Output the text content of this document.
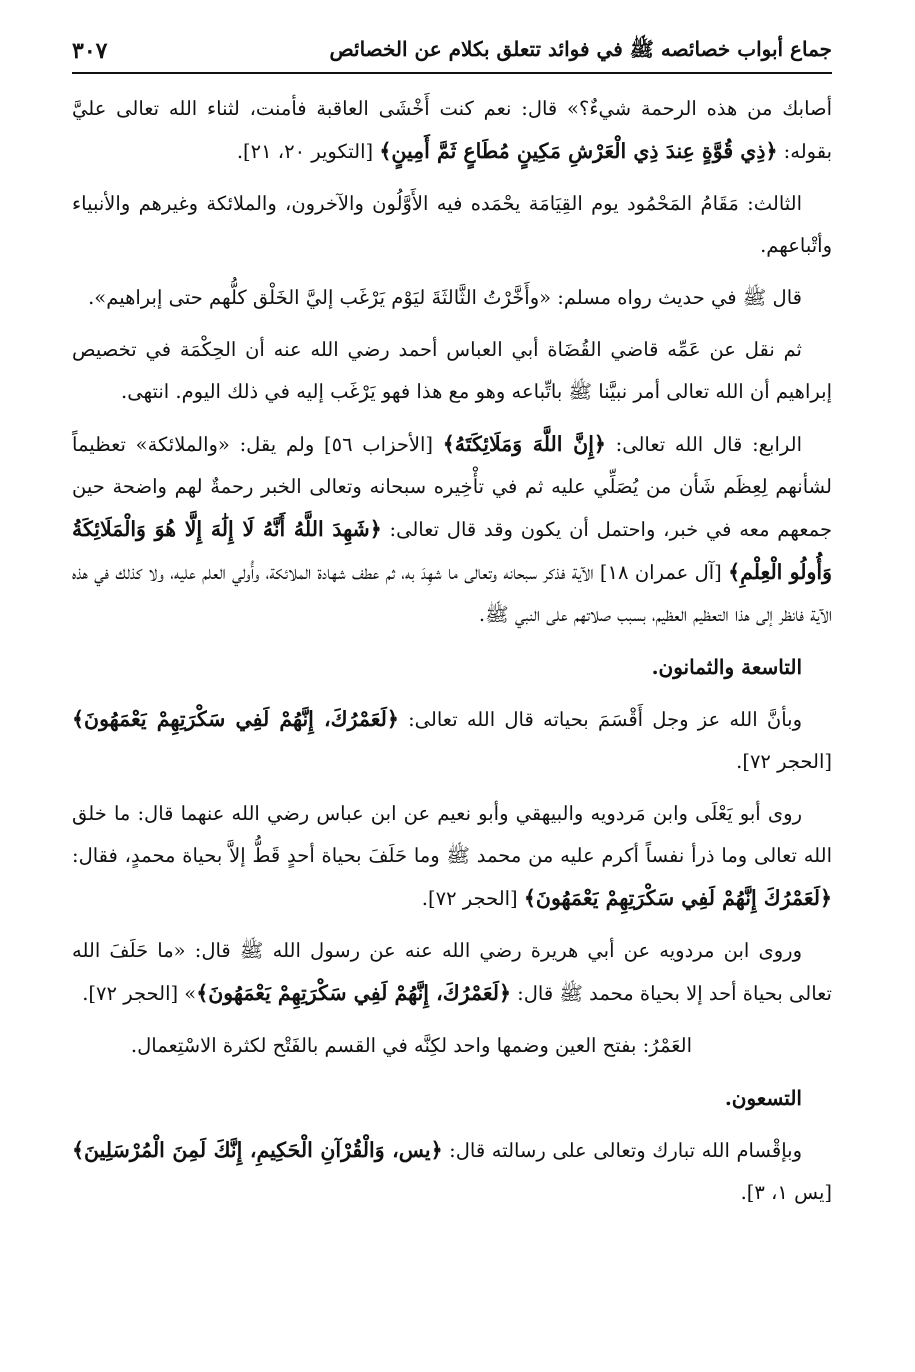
جماع أبواب خصائصه ﷺ في فوائد تتعلق بكلام عن الخصائص
٣٠٧

أصابك من هذه الرحمة شيءٌ؟» قال: نعم كنت أَخْشَى العاقبة فأمنت، لثناء الله تعالى عليَّ بقوله: ﴿ذِي قُوَّةٍ عِندَ ذِي الْعَرْشِ مَكِينٍ مُطَاعٍ ثَمَّ أَمِينٍ﴾ [التكوير ٢٠، ٢١].

الثالث: مَقَامُ المَحْمُود يوم القِيَامَة يحْمَده فيه الأَوَّلُون والآخرون، والملائكة وغيرهم والأنبياء وأتْباعهم.

قال ﷺ في حديث رواه مسلم: «وأَخَّرْتُ الثَّالثَةَ ليَوْم يَرْغَب إليَّ الخَلْق كلُّهم حتى إبراهيم».

ثم نقل عن عَمِّه قاضي القُضَاة أبي العباس أحمد رضي الله عنه أن الحِكْمَة في تخصيص إبراهيم أن الله تعالى أمر نبيَّنا ﷺ باتِّباعه وهو مع هذا فهو يَرْغَب إليه في ذلك اليوم. انتهى.

الرابع: قال الله تعالى: ﴿إِنَّ اللَّهَ وَمَلَائِكَتَهُ﴾ [الأحزاب ٥٦] ولم يقل: «والملائكة» تعظيماً لشأنهم لِعِظَم شَأن من يُصَلِّي عليه ثم في تأْخِيره سبحانه وتعالى الخبر رحمةٌ لهم واضحة حين جمعهم معه في خبر، واحتمل أن يكون وقد قال تعالى: ﴿شَهِدَ اللَّهُ أَنَّهُ لَا إِلَٰهَ إِلَّا هُوَ وَالْمَلَائِكَةُ وَأُولُو الْعِلْمِ﴾ [آل عمران ١٨] الآية فذكر سبحانه وتعالى ما شهِدَ به، ثم عطف شهادة الملائكة، وأُولي العلم عليه، ولا كذلك في هذه الآية فانظر إلى هذا التعظيم العظيم، بسبب صلاتهم على النبي ﷺ.

التاسعة والثمانون.

وبأنَّ الله عز وجل أَقْسَمَ بحياته قال الله تعالى: ﴿لَعَمْرُكَ، إِنَّهُمْ لَفِي سَكْرَتِهِمْ يَعْمَهُونَ﴾ [الحجر ٧٢].

روى أبو يَعْلَى وابن مَردويه والبيهقي وأبو نعيم عن ابن عباس رضي الله عنهما قال: ما خلق الله تعالى وما ذرأ نفساً أكرم عليه من محمد ﷺ وما حَلَفَ بحياة أحدٍ قَطُّ إلاَّ بحياة محمدٍ، فقال: ﴿لَعَمْرُكَ إِنَّهُمْ لَفِي سَكْرَتِهِمْ يَعْمَهُونَ﴾ [الحجر ٧٢].

وروى ابن مردويه عن أبي هريرة رضي الله عنه عن رسول الله ﷺ قال: «ما حَلَفَ الله تعالى بحياة أحد إلا بحياة محمد ﷺ قال: ﴿لَعَمْرُكَ، إِنَّهُمْ لَفِي سَكْرَتِهِمْ يَعْمَهُونَ﴾» [الحجر ٧٢].

العَمْرُ: بفتح العين وضمها واحد لكِنَّه في القسم بالفَتْح لكثرة الاسْتِعمال.

التسعون.

وبإقْسام الله تبارك وتعالى على رسالته قال: ﴿يس، وَالْقُرْآنِ الْحَكِيمِ، إِنَّكَ لَمِنَ الْمُرْسَلِينَ﴾ [يس ١، ٣].
